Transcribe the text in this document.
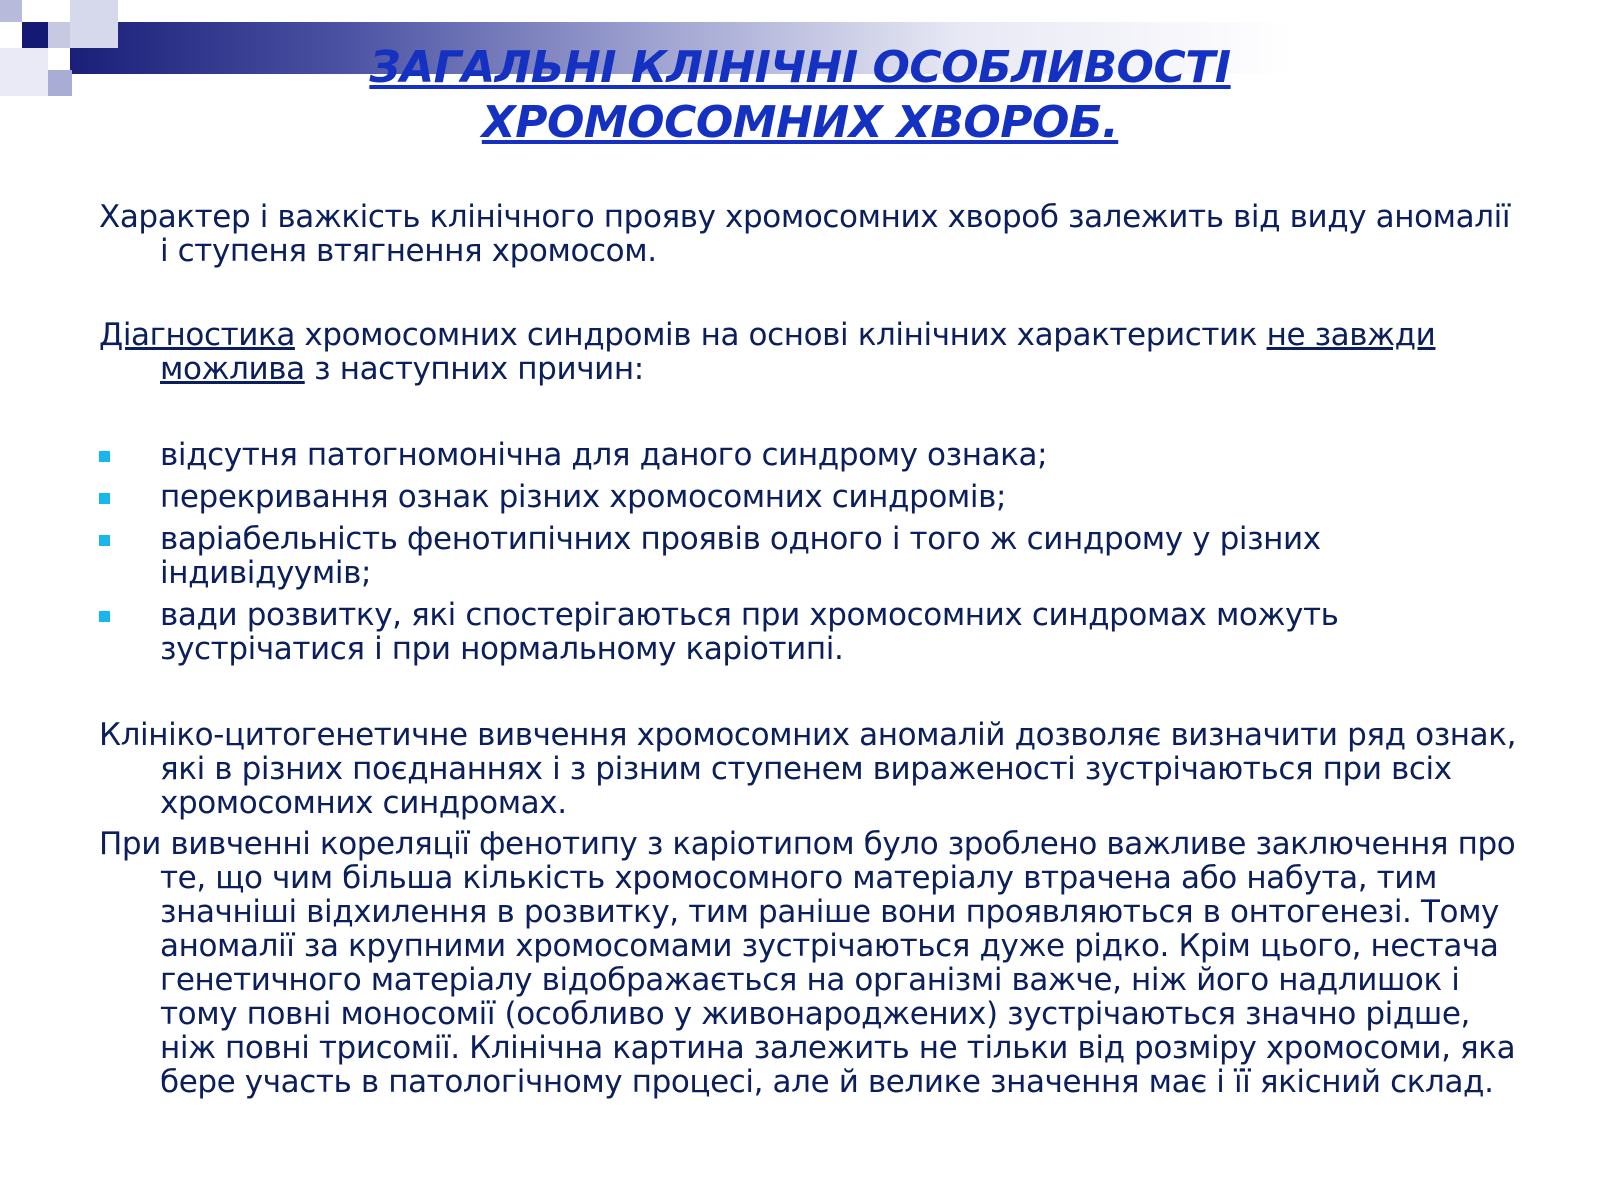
ЗАГАЛЬНІ КЛІНІЧНІ ОСОБЛИВОСТІ
ХРОМОСОМНИХ ХВОРОБ.

Характер і важкість клінічного прояву хромосомних хвороб залежить від виду аномалії і ступеня втягнення хромосом.

Діагностика хромосомних синдромів на основі клінічних характеристик не завжди можлива з наступних причин:

відсутня патогномонічна для даного синдрому ознака;
перекривання ознак різних хромосомних синдромів;
варіабельність фенотипічних проявів одного і того ж синдрому у різних індивідуумів;
вади розвитку, які спостерігаються при хромосомних синдромах можуть зустрічатися і при нормальному каріотипі.

Клініко-цитогенетичне вивчення хромосомних аномалій дозволяє визначити ряд ознак, які в різних поєднаннях і з різним ступенем вираженості зустрічаються при всіх хромосомних синдромах.

При вивченні кореляції фенотипу з каріотипом було зроблено важливе заключення про те, що чим більша кількість хромосомного матеріалу втрачена або набута, тим значніші відхилення в розвитку, тим раніше вони проявляються в онтогенезі. Тому аномалії за крупними хромосомами зустрічаються дуже рідко. Крім цього, нестача генетичного матеріалу відображається на організмі важче, ніж його надлишок і тому повні моносомії (особливо у живонароджених) зустрічаються значно рідше, ніж повні трисомії. Клінічна картина залежить не тільки від розміру хромосоми, яка бере участь в патологічному процесі, але й велике значення має і її якісний склад.
